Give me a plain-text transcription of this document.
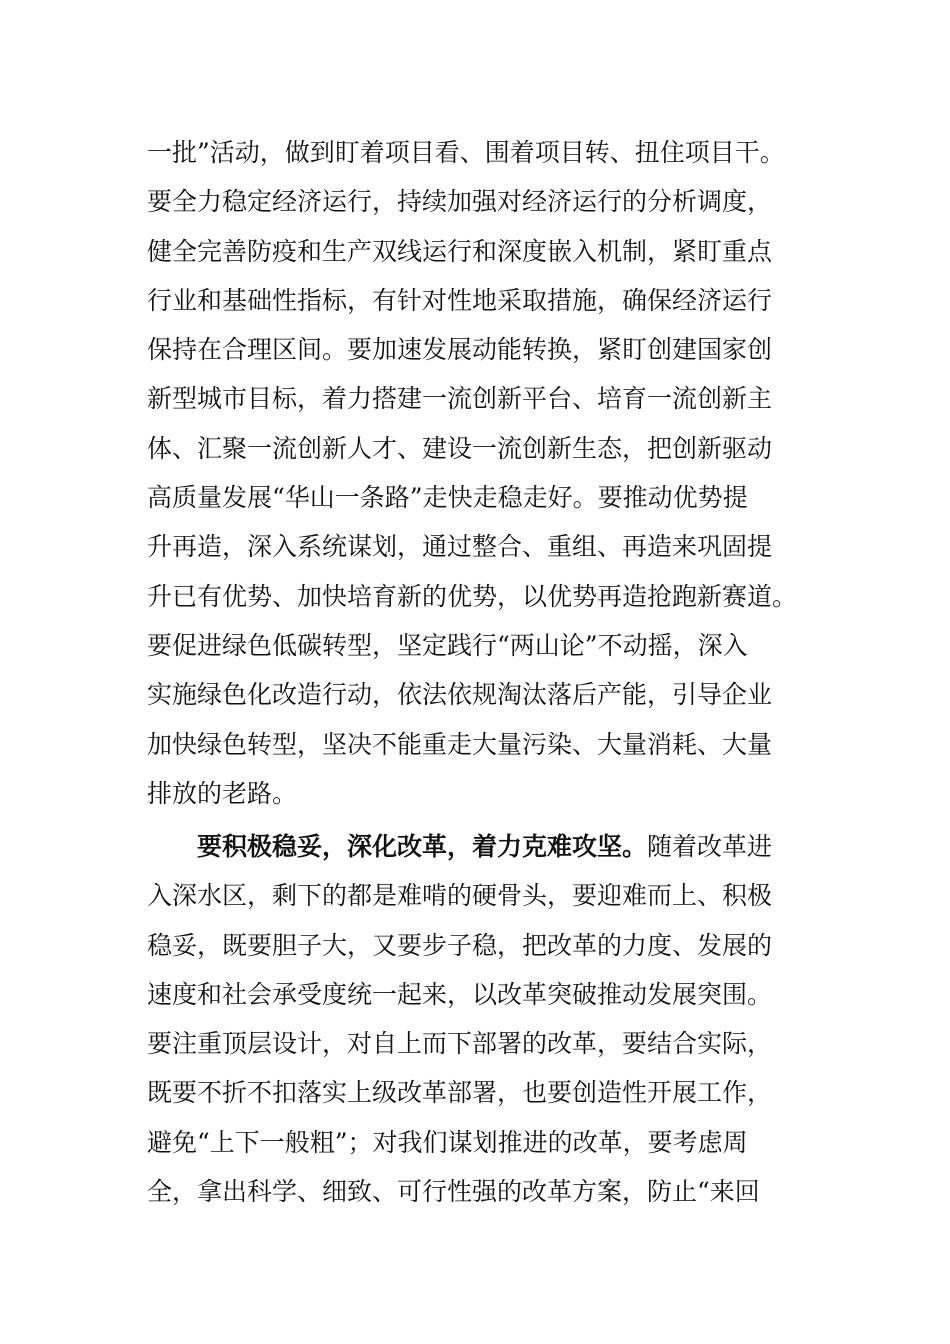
一批”活动，做到盯着项目看、围着项目转、扭住项目干。
要全力稳定经济运行，持续加强对经济运行的分析调度，
健全完善防疫和生产双线运行和深度嵌入机制，紧盯重点
行业和基础性指标，有针对性地采取措施，确保经济运行
保持在合理区间。要加速发展动能转换，紧盯创建国家创
新型城市目标，着力搭建一流创新平台、培育一流创新主
体、汇聚一流创新人才、建设一流创新生态，把创新驱动
高质量发展“华山一条路”走快走稳走好。要推动优势提
升再造，深入系统谋划，通过整合、重组、再造来巩固提
升已有优势、加快培育新的优势，以优势再造抢跑新赛道。
要促进绿色低碳转型，坚定践行“两山论”不动摇，深入
实施绿色化改造行动，依法依规淘汰落后产能，引导企业
加快绿色转型，坚决不能重走大量污染、大量消耗、大量
排放的老路。
要积极稳妥，深化改革，着力克难攻坚。随着改革进
入深水区，剩下的都是难啃的硬骨头，要迎难而上、积极
稳妥，既要胆子大，又要步子稳，把改革的力度、发展的
速度和社会承受度统一起来，以改革突破推动发展突围。
要注重顶层设计，对自上而下部署的改革，要结合实际，
既要不折不扣落实上级改革部署，也要创造性开展工作，
避免“上下一般粗”；对我们谋划推进的改革，要考虑周
全，拿出科学、细致、可行性强的改革方案，防止“来回
